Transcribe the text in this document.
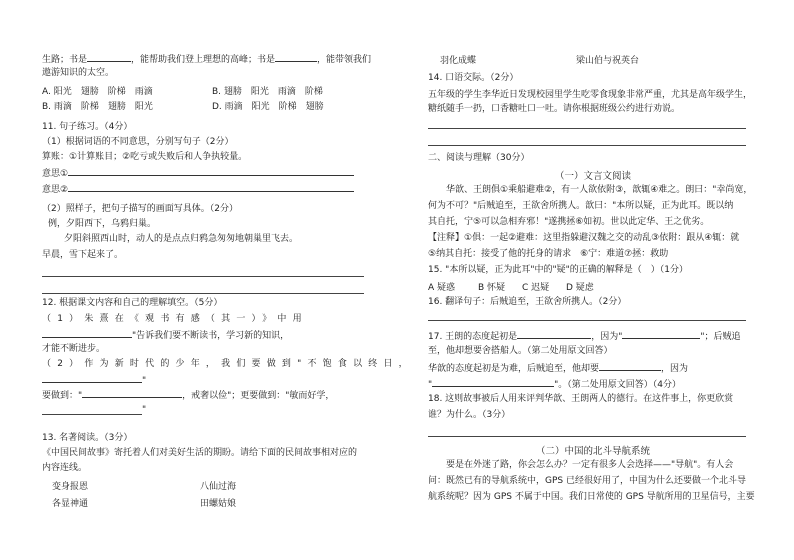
生路；书是	，能帮助我们登上理想的高峰；书是	，能带领我们
遨游知识的太空。
A. 阳光　翅膀　阶梯　雨滴	B. 翅膀　阳光　雨滴　阶梯
B. 雨滴　阶梯　翅膀　阳光	D. 雨滴　阳光　阶梯　翅膀
11. 句子练习。（4分）
（1）根据词语的不同意思，分别写句子（2分）
算账：①计算账目；②吃亏或失败后和人争执较量。
意思①
意思②
（2）照样子，把句子描写的画面写具体。（2分）
例，夕阳西下，乌鸦归巢。
夕阳斜照西山时，动人的是点点归鸦急匆匆地朝巢里飞去。
早晨，雪下起来了。
12. 根据课文内容和自己的理解填空。（5分）
（1）朱熹在《观书有感（其一）》中用
"告诉我们要不断读书，学习新的知识，
才能不断进步。
（2）作为新时代的少年，我们要做到"不饱食以终日，
"
要做到："	，戒奢以俭"；更要做到："敏而好学，
"
13. 名著阅读。（3分）
《中国民间故事》寄托着人们对美好生活的期盼。请给下面的民间故事相对应的
内容连线。
变身报恩	八仙过海
各显神通	田螺姑娘
羽化成蝶	梁山伯与祝英台
14. 口语交际。（2分）
五年级的学生李华近日发现校园里学生吃零食现象非常严重，尤其是高年级学生，
糖纸随手一扔，口香糖吐口一吐。请你根据班级公约进行劝说。
二、阅读与理解（30分）
（一）文言文阅读
华歆、王朗俱①乘船避难②，有一人欲依附③，歆辄④难之。朗曰："幸尚宽，
何为不可？"后贼追至，王欲舍所携人。歆曰："本所以疑，正为此耳。既以纳
其自托，宁⑤可以急相弃邪！"遂携拯⑥如初。世以此定华、王之优劣。
【注释】①俱：一起②避难：这里指躲避汉魏之交的动乱③依附：跟从④辄：就
⑤纳其自托：接受了他的托身的请求　⑥宁：难道⑦拯：救助
15. "本所以疑，正为此耳"中的"疑"的正确的解释是（　）（1分）
A 疑惑	B 怀疑 C 迟疑 D 疑虑
16. 翻译句子：后贼追至，王欲舍所携人。（2分）
17. 王朗的态度起初是	，因为"	"；后贼追
至，他却想要舍搭船人。（第二处用原文回答）
华歆的态度起初是为难，后贼追至，他却要	，因为
"	"。（第二处用原文回答）（4分）
18. 这则故事被后人用来评判华歆、王朗两人的德行。在这件事上，你更欣赏
谁？为什么。（3分）
（二）中国的北斗导航系统
要是在外迷了路，你会怎么办？一定有很多人会选择——"导航"。有人会
问：既然已有的导航系统中，GPS 已经很好用了，中国为什么还要做一个北斗导
航系统呢？因为 GPS 不属于中国。我们日常使的 GPS 导航所用的卫星信号，主要
